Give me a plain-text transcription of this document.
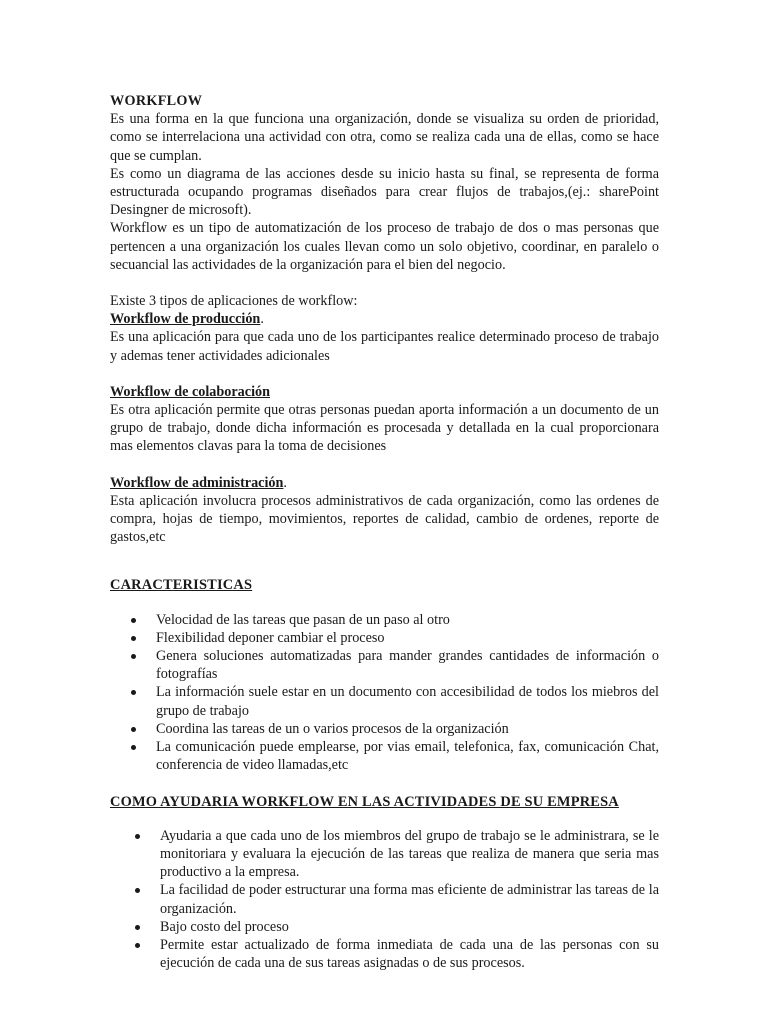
WORKFLOW

Es una forma en la que funciona una organización, donde se visualiza su orden de prioridad, como se interrelaciona una actividad con otra, como se realiza cada una de ellas, como se hace que se cumplan.

Es como un diagrama de las acciones desde su inicio hasta su final, se representa de forma estructurada ocupando programas diseñados para crear flujos de trabajos,(ej.: sharePoint Desingner de microsoft).

Workflow es un tipo de automatización de los proceso de trabajo de dos o mas personas que pertencen a una organización los cuales llevan como un solo objetivo, coordinar, en paralelo o secuancial las actividades de la organización para el bien del negocio.

Existe 3 tipos de aplicaciones de workflow:

Workflow de producción.

Es una aplicación para que cada uno de los participantes realice determinado proceso de trabajo y ademas tener actividades adicionales

Workflow de colaboración

Es otra aplicación permite que otras personas puedan aporta información a un documento de un grupo de trabajo, donde dicha información es procesada y detallada en la cual proporcionara mas elementos clavas para la toma de decisiones

Workflow de administración.

Esta aplicación involucra procesos administrativos de cada organización, como las ordenes de compra, hojas de tiempo, movimientos, reportes de calidad, cambio de ordenes, reporte de gastos,etc

CARACTERISTICAS

Velocidad de las tareas que pasan de un paso al otro
Flexibilidad deponer cambiar el proceso
Genera soluciones automatizadas para mander grandes cantidades de información o fotografías
La información suele estar en un documento con accesibilidad de todos los miebros del grupo de trabajo
Coordina las tareas de un o varios procesos de la organización
La comunicación puede emplearse, por vias email, telefonica, fax, comunicación Chat, conferencia de video llamadas,etc

COMO AYUDARIA WORKFLOW EN LAS ACTIVIDADES DE SU EMPRESA

Ayudaria a que cada uno de los miembros del grupo de trabajo se le administrara, se le monitoriara y evaluara la ejecución de las tareas que realiza de manera que seria mas productivo a la empresa.
La facilidad de poder estructurar una forma mas eficiente de administrar las tareas de la organización.
Bajo costo del proceso
Permite estar actualizado de forma inmediata de cada una de las personas con su ejecución de cada una de sus tareas asignadas o de sus procesos.
